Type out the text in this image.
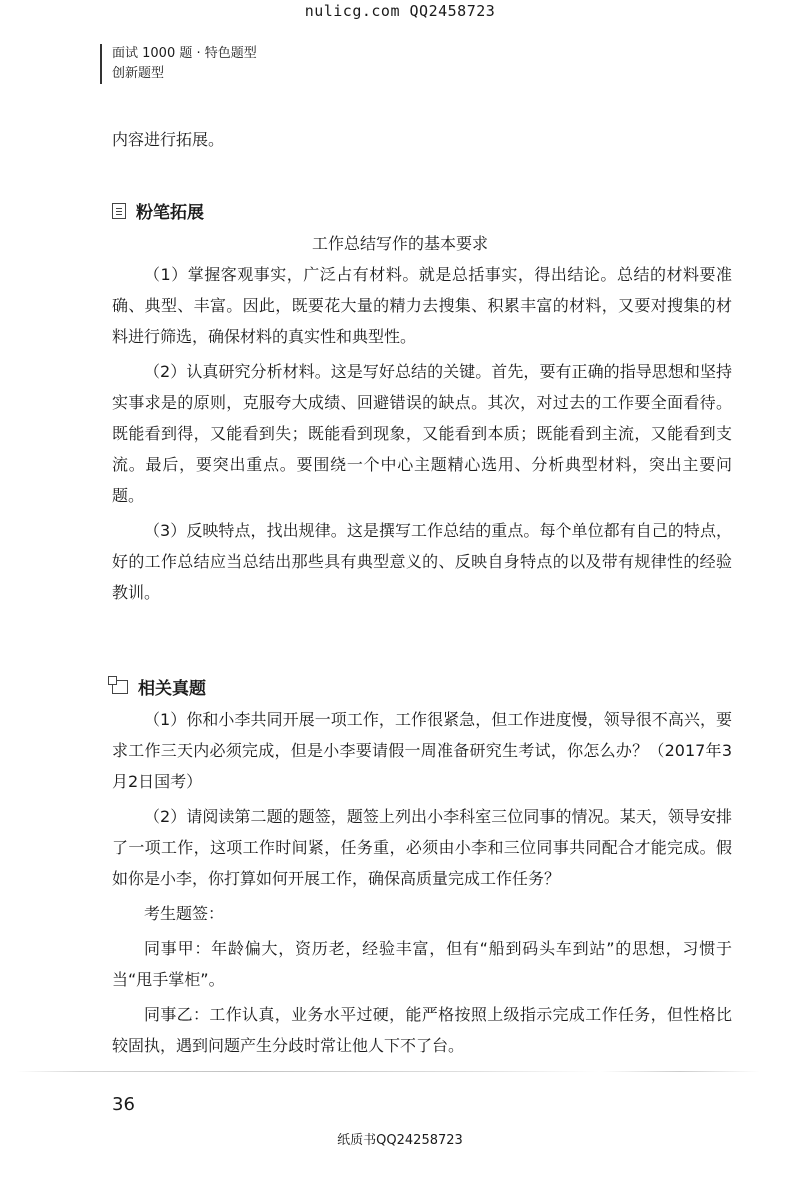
nulicg.com QQ2458723
面试 1000 题 · 特色题型
创新题型

内容进行拓展。

粉笔拓展
工作总结写作的基本要求

（1）掌握客观事实，广泛占有材料。就是总括事实，得出结论。总结的材料要准确、典型、丰富。因此，既要花大量的精力去搜集、积累丰富的材料，又要对搜集的材料进行筛选，确保材料的真实性和典型性。

（2）认真研究分析材料。这是写好总结的关键。首先，要有正确的指导思想和坚持实事求是的原则，克服夸大成绩、回避错误的缺点。其次，对过去的工作要全面看待。既能看到得，又能看到失；既能看到现象，又能看到本质；既能看到主流，又能看到支流。最后，要突出重点。要围绕一个中心主题精心选用、分析典型材料，突出主要问题。

（3）反映特点，找出规律。这是撰写工作总结的重点。每个单位都有自己的特点，好的工作总结应当总结出那些具有典型意义的、反映自身特点的以及带有规律性的经验教训。

相关真题

（1）你和小李共同开展一项工作，工作很紧急，但工作进度慢，领导很不高兴，要求工作三天内必须完成，但是小李要请假一周准备研究生考试，你怎么办？（2017年3月2日国考）

（2）请阅读第二题的题签，题签上列出小李科室三位同事的情况。某天，领导安排了一项工作，这项工作时间紧，任务重，必须由小李和三位同事共同配合才能完成。假如你是小李，你打算如何开展工作，确保高质量完成工作任务？

考生题签：

同事甲：年龄偏大，资历老，经验丰富，但有“船到码头车到站”的思想，习惯于当“甩手掌柜”。

同事乙：工作认真，业务水平过硬，能严格按照上级指示完成工作任务，但性格比较固执，遇到问题产生分歧时常让他人下不了台。

36
纸质书QQ24258723
